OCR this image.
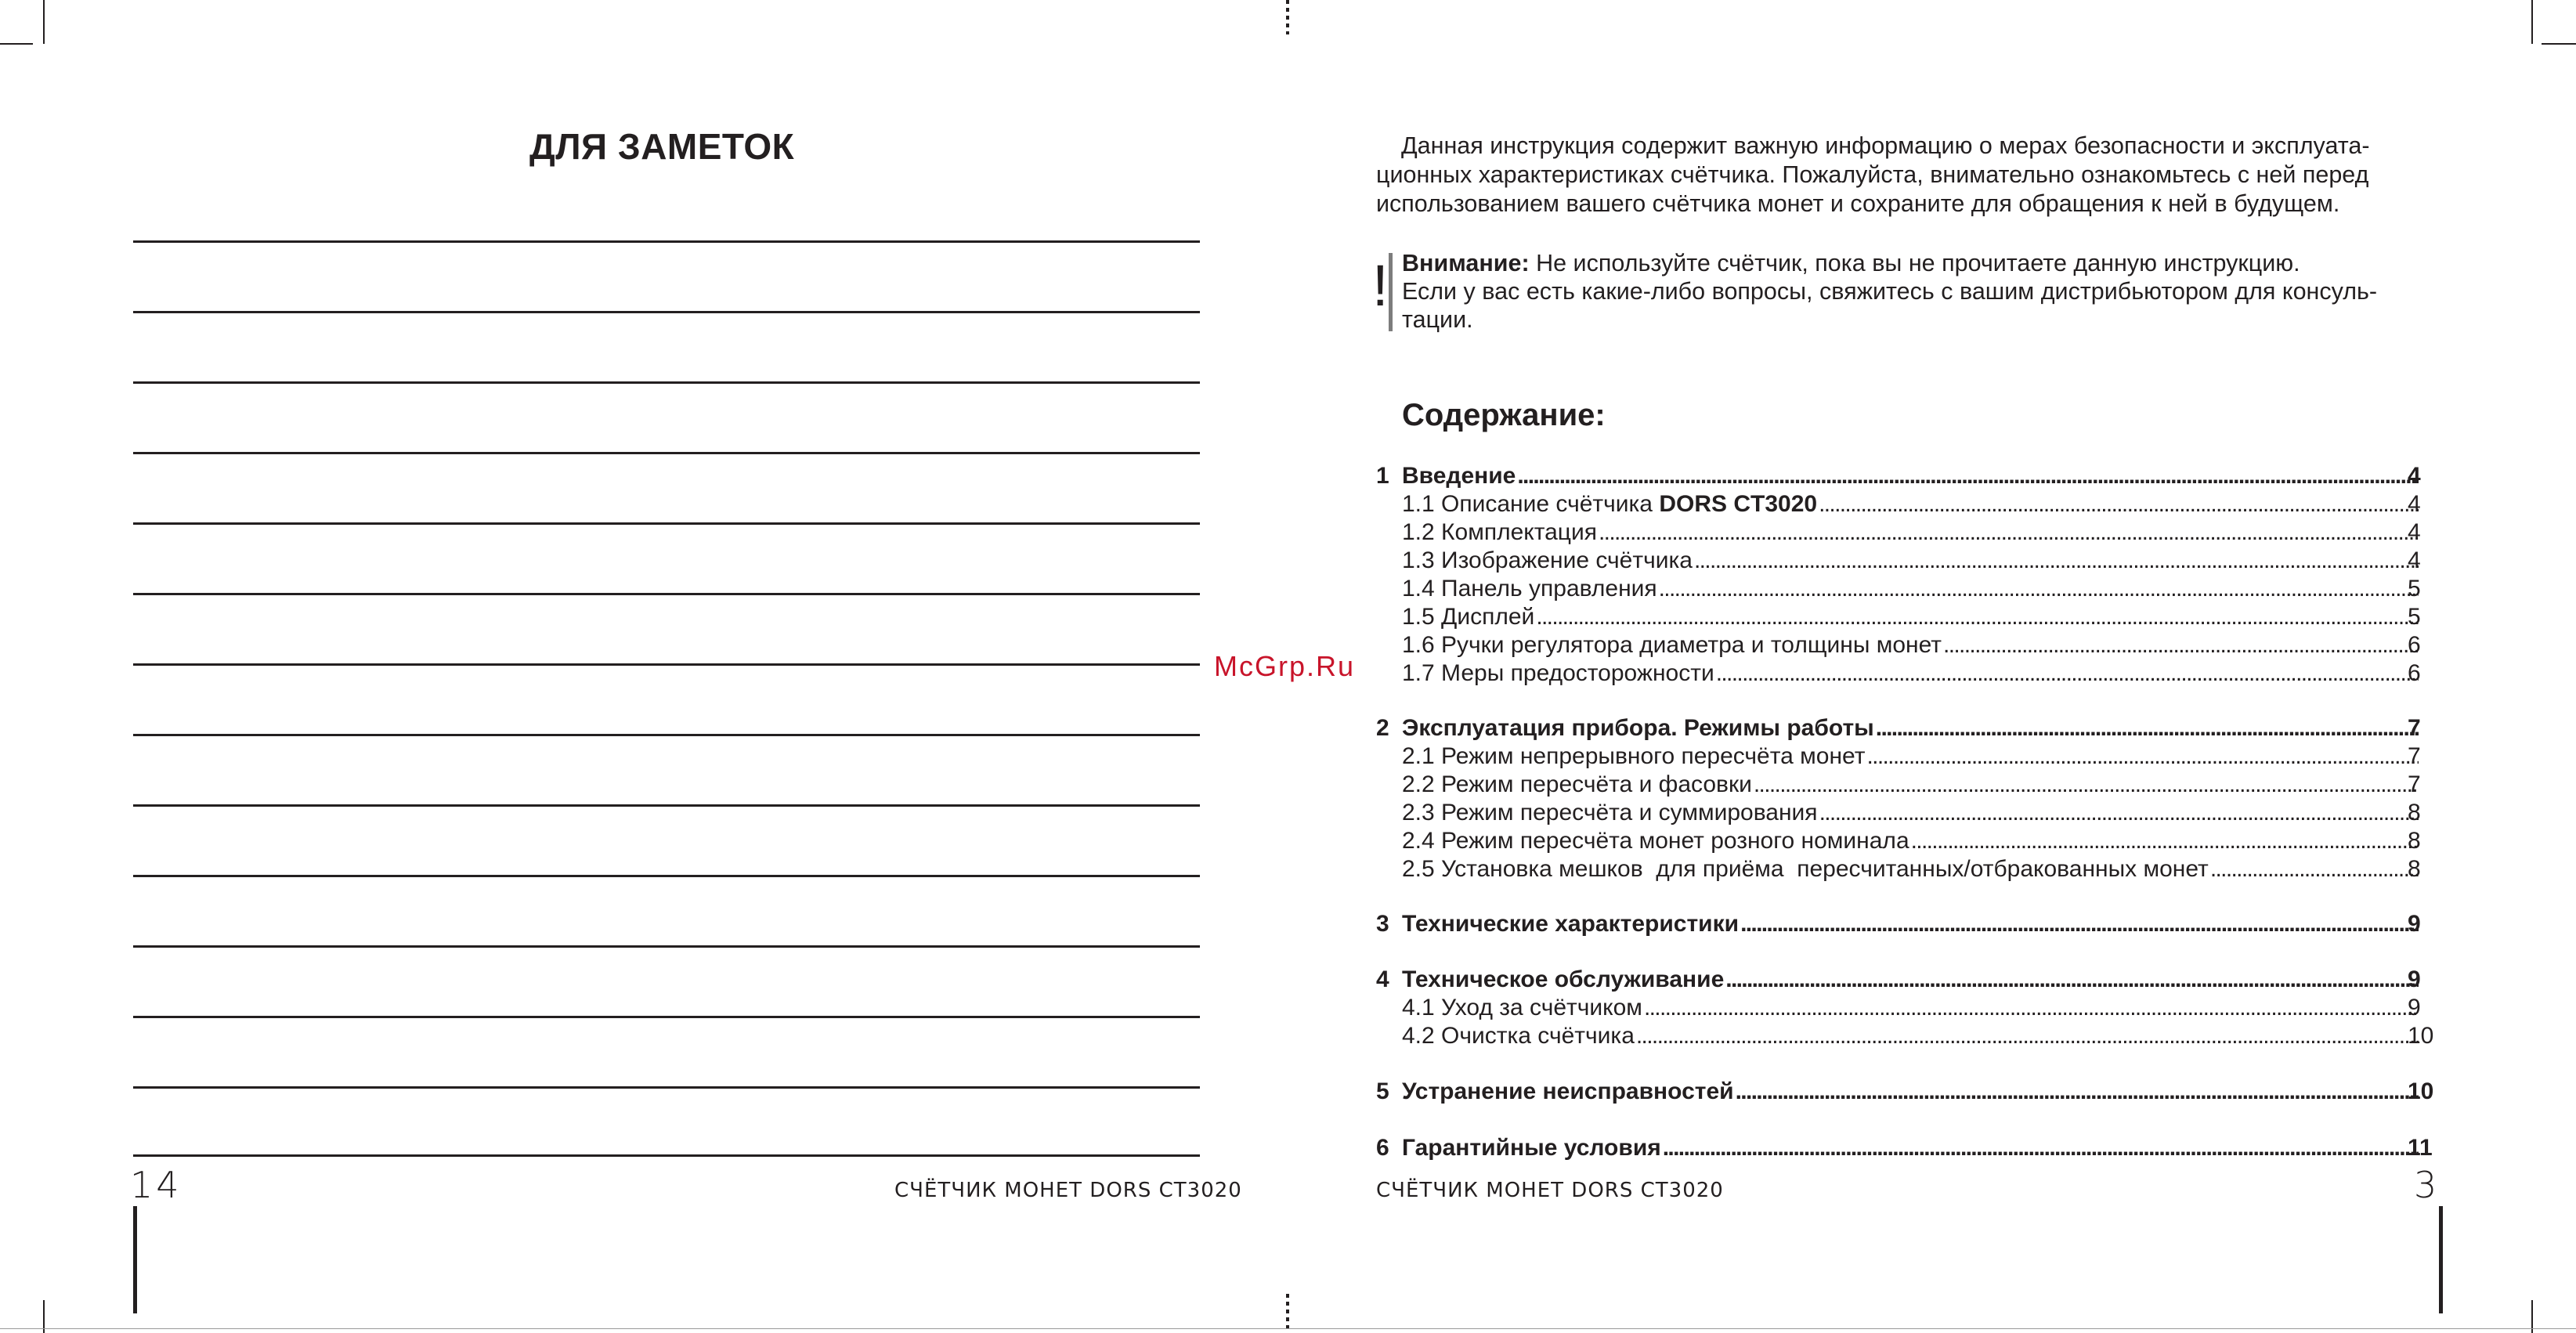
ДЛЯ ЗАМЕТОК
14	СЧЁТЧИК МОНЕТ DORS CT3020
McGrp.Ru

Данная инструкция содержит важную информацию о мерах безопасности и эксплуата-

ционных характеристиках счётчика. Пожалуйста, внимательно ознакомьтесь с ней перед

использованием вашего счётчика монет и сохраните для обращения к ней в будущем.

! Внимание: Не используйте счётчик, пока вы не прочитаете данную инструкцию.

Если у вас есть какие-либо вопросы, свяжитесь с вашим дистрибьютором для консуль-

тации.

Содержание:
1 Введение . . .	4
1.1 Описание счётчика DORS CT3020 . . .	4
1.2 Комплектация . . .	4
1.3 Изображение счётчика . . .	4
1.4 Панель управления . . .	5
1.5 Дисплей . . .	5
1.6 Ручки регулятора диаметра и толщины монет . . .	6
1.7 Меры предосторожности . . .	6
2 Эксплуатация прибора. Режимы работы . . .	7
2.1 Режим непрерывного пересчёта монет . . .	7
2.2 Режим пересчёта и фасовки . . .	7
2.3 Режим пересчёта и суммирования . . .	8
2.4 Режим пересчёта монет розного номинала . . .	8
2.5 Установка мешков  для приёма  пересчитанных/отбракованных монет . . .	8
3 Технические характеристики . . .	9
4 Техническое обслуживание . . .	9
4.1 Уход за счётчиком . . .	9
4.2 Очистка счётчика . . .	10
5 Устранение неисправностей . . .	10
6 Гарантийные условия . . .	11
СЧЁТЧИК МОНЕТ DORS CT3020	3
